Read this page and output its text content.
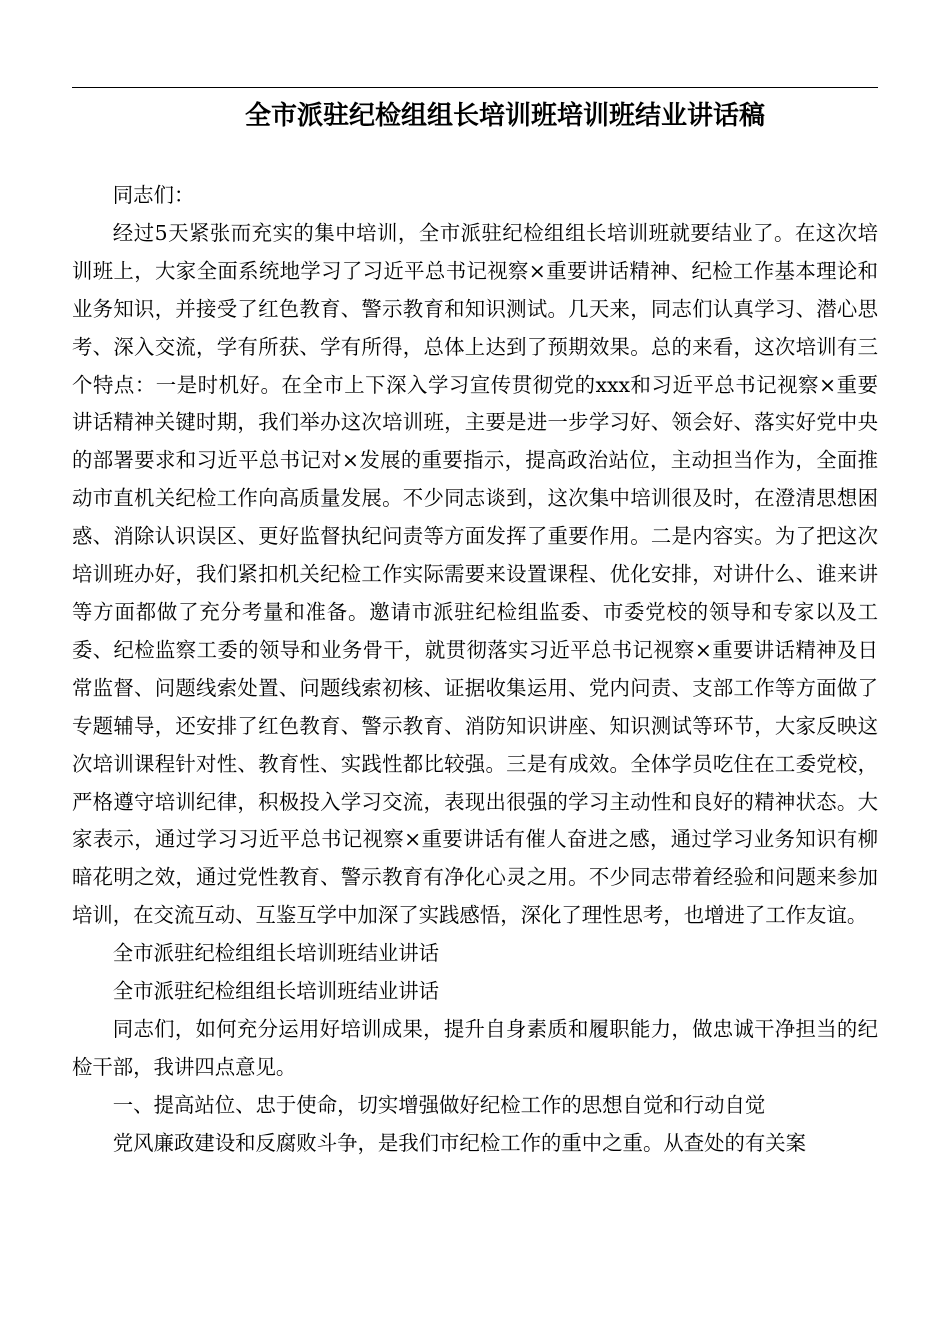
全市派驻纪检组组长培训班培训班结业讲话稿

同志们：

经过5天紧张而充实的集中培训，全市派驻纪检组组长培训班就要结业了。在这次培训班上，大家全面系统地学习了习近平总书记视察×重要讲话精神、纪检工作基本理论和业务知识，并接受了红色教育、警示教育和知识测试。几天来，同志们认真学习、潜心思考、深入交流，学有所获、学有所得，总体上达到了预期效果。总的来看，这次培训有三个特点：一是时机好。在全市上下深入学习宣传贯彻党的xxx和习近平总书记视察×重要讲话精神关键时期，我们举办这次培训班，主要是进一步学习好、领会好、落实好党中央的部署要求和习近平总书记对×发展的重要指示，提高政治站位，主动担当作为，全面推动市直机关纪检工作向高质量发展。不少同志谈到，这次集中培训很及时，在澄清思想困惑、消除认识误区、更好监督执纪问责等方面发挥了重要作用。二是内容实。为了把这次培训班办好，我们紧扣机关纪检工作实际需要来设置课程、优化安排，对讲什么、谁来讲等方面都做了充分考量和准备。邀请市派驻纪检组监委、市委党校的领导和专家以及工委、纪检监察工委的领导和业务骨干，就贯彻落实习近平总书记视察×重要讲话精神及日常监督、问题线索处置、问题线索初核、证据收集运用、党内问责、支部工作等方面做了专题辅导，还安排了红色教育、警示教育、消防知识讲座、知识测试等环节，大家反映这次培训课程针对性、教育性、实践性都比较强。三是有成效。全体学员吃住在工委党校，严格遵守培训纪律，积极投入学习交流，表现出很强的学习主动性和良好的精神状态。大家表示，通过学习习近平总书记视察×重要讲话有催人奋进之感，通过学习业务知识有柳暗花明之效，通过党性教育、警示教育有净化心灵之用。不少同志带着经验和问题来参加培训，在交流互动、互鉴互学中加深了实践感悟，深化了理性思考，也增进了工作友谊。

全市派驻纪检组组长培训班结业讲话

全市派驻纪检组组长培训班结业讲话

同志们，如何充分运用好培训成果，提升自身素质和履职能力，做忠诚干净担当的纪检干部，我讲四点意见。

一、提高站位、忠于使命，切实增强做好纪检工作的思想自觉和行动自觉

党风廉政建设和反腐败斗争，是我们市纪检工作的重中之重。从查处的有关案
